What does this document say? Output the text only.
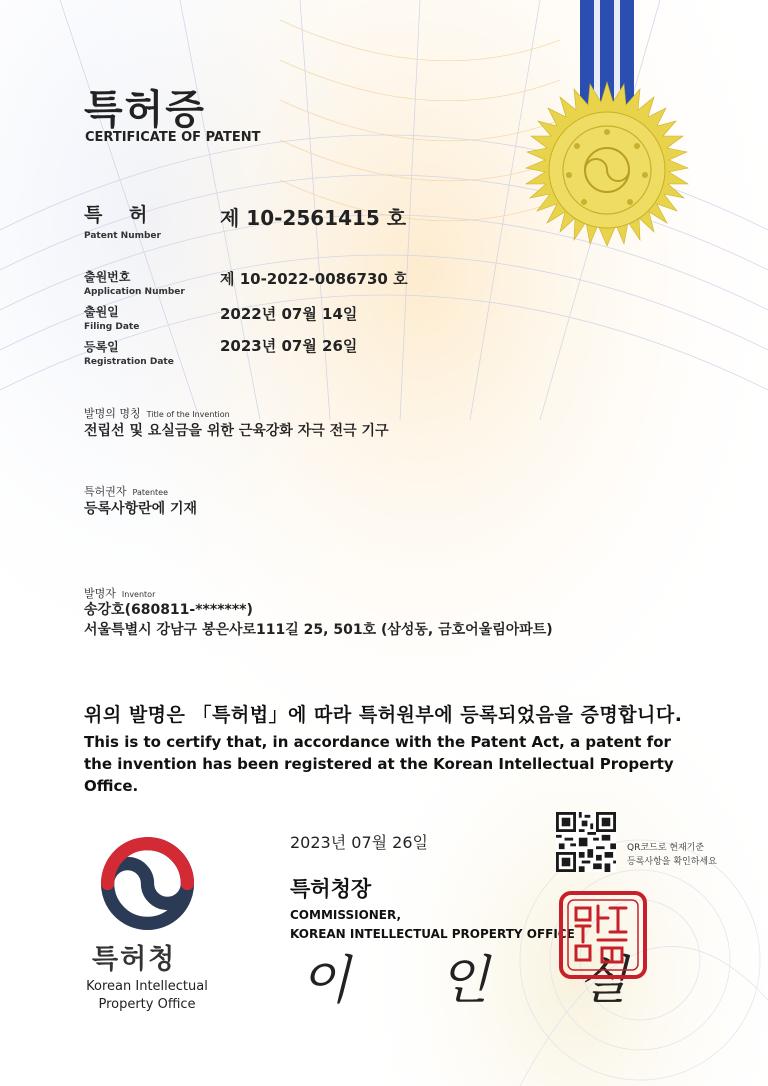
특허증
CERTIFICATE OF PATENT
특 허
Patent Number
제 10-2561415 호
출원번호
Application Number
제 10-2022-0086730 호
출원일
Filing Date
2022년 07월 14일
등록일
Registration Date
2023년 07월 26일
발명의 명칭 Title of the Invention
전립선 및 요실금을 위한 근육강화 자극 전극 기구
특허권자 Patentee
등록사항란에 기재
발명자 Inventor
송강호(680811-*******)
서울특별시 강남구 봉은사로111길 25, 501호 (삼성동, 금호어울림아파트)
위의 발명은 「특허법」에 따라 특허원부에 등록되었음을 증명합니다.
This is to certify that, in accordance with the Patent Act, a patent for the invention has been registered at the Korean Intellectual Property Office.
2023년 07월 26일
특허청장
COMMISSIONER,
KOREAN INTELLECTUAL PROPERTY OFFICE
이 인 실
QR코드로 현재기준
등록사항을 확인하세요
특허청
Korean Intellectual
Property Office
